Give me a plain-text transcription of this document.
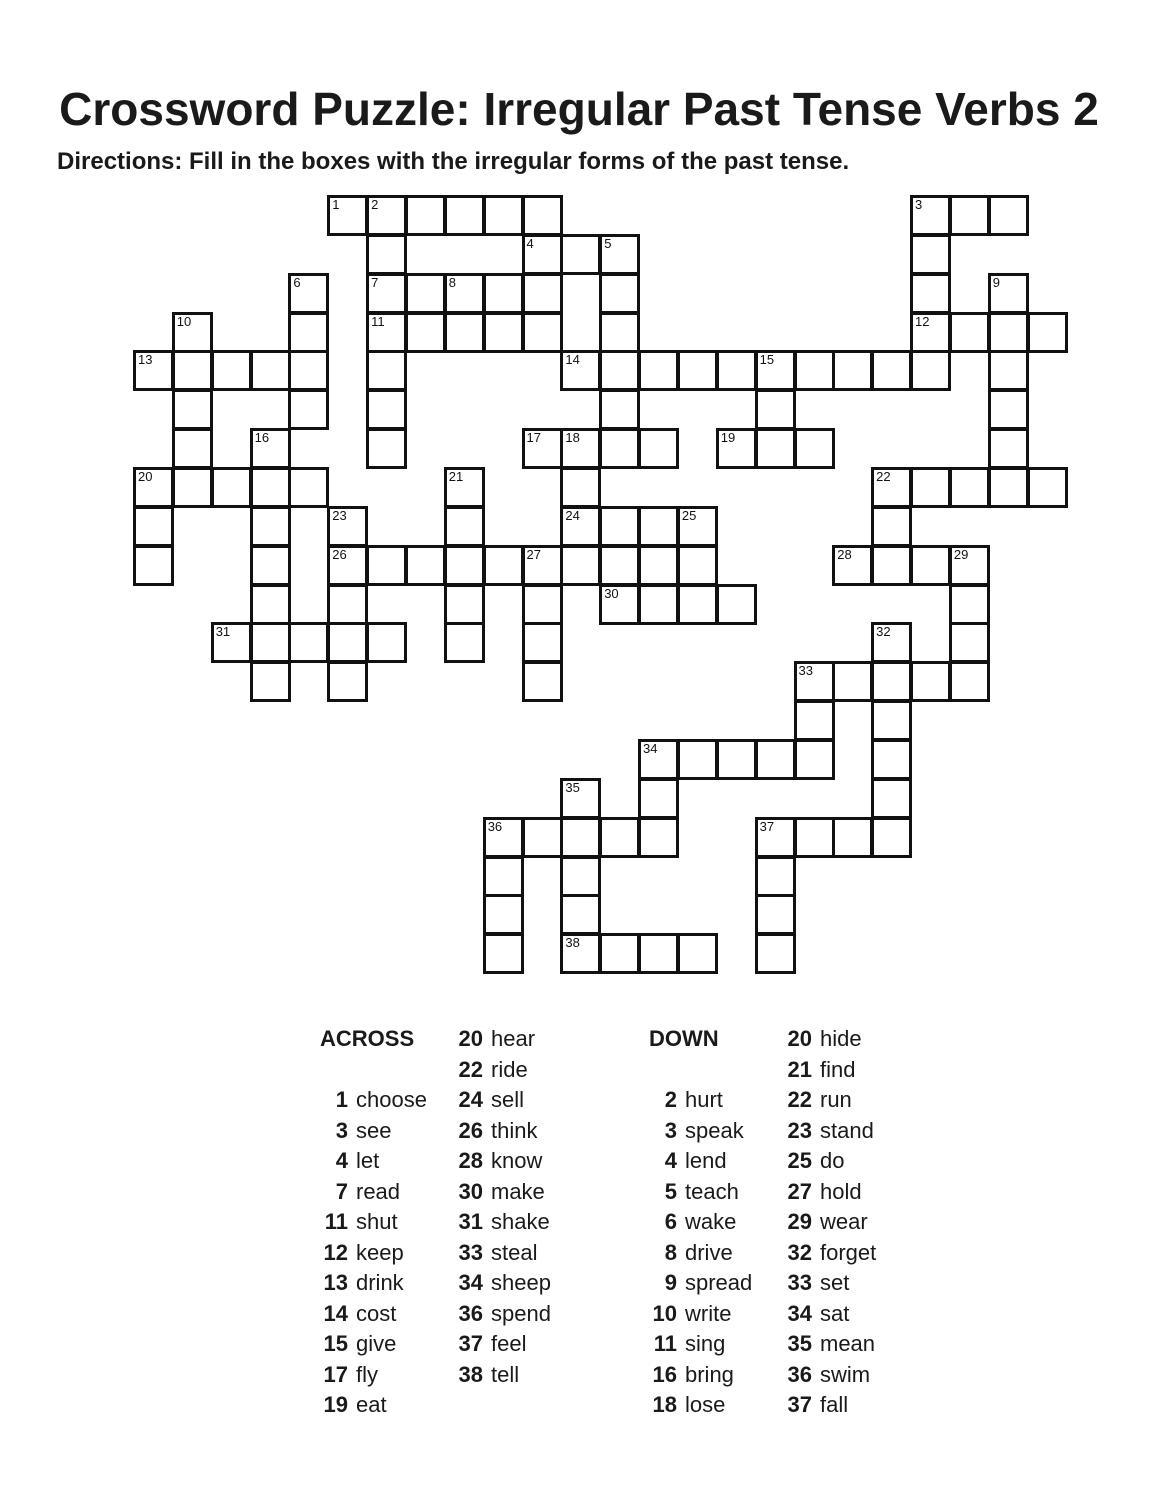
Crossword Puzzle: Irregular Past Tense Verbs 2

Directions: Fill in the boxes with the irregular forms of the past tense.

1 2	3
4	5
6	7	8	9
10	11	12
13	14	15
16	17 18	19
20	21	22
23	24	25
26	27	28	29
30
31	32
33
34
35
36	37
38
ACROSS
1 choose
3 see
4 let
7 read
11 shut
12 keep
13 drink
14 cost
15 give
17 fly
19 eat
20 hear
22 ride
24 sell
26 think
28 know
30 make
31 shake
33 steal
34 sheep
36 spend
37 feel
38 tell
DOWN
2 hurt
3 speak
4 lend
5 teach
6 wake
8 drive
9 spread
10 write
11 sing
16 bring
18 lose
20 hide
21 find
22 run
23 stand
25 do
27 hold
29 wear
32 forget
33 set
34 sat
35 mean
36 swim
37 fall
